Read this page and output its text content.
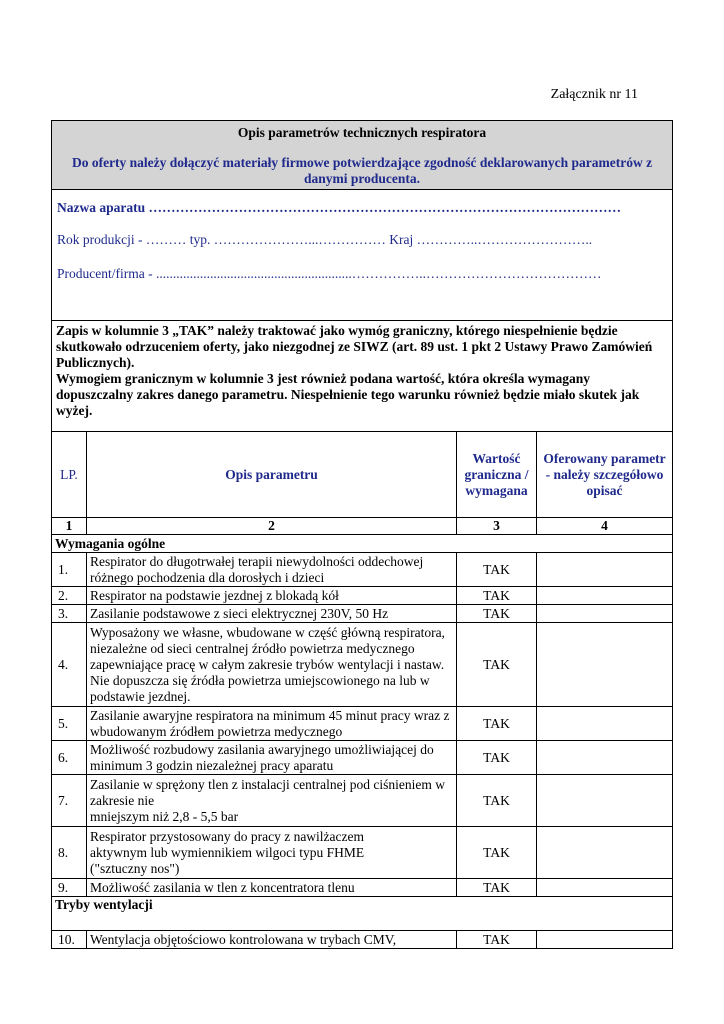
Załącznik nr 11
Opis parametrów technicznych respiratora
Do oferty należy dołączyć materiały firmowe potwierdzające zgodność deklarowanych parametrów z danymi producenta.			

Nazwa aparatu ……………………………………………………………………………………………
Rok produkcji - ……… typ. …………………...…………… Kraj …………..……………………..
Producent/firma - ..........................................................……………..…………………………………			

Zapis w kolumnie 3 „TAK” należy traktować jako wymóg graniczny, którego niespełnienie będzie skutkowało odrzuceniem oferty, jako niezgodnej ze SIWZ (art. 89 ust. 1 pkt 2 Ustawy Prawo Zamówień Publicznych).
Wymogiem granicznym w kolumnie 3 jest również podana wartość, która określa wymagany dopuszczalny zakres danego parametru. Niespełnienie tego warunku również będzie miało skutek jak wyżej.			
LP.	Opis parametru	Wartość graniczna / wymagana	Oferowany parametr - należy szczegółowo opisać
1	2	3	4
Wymagania ogólne			
1.	Respirator do długotrwałej terapii niewydolności oddechowej różnego pochodzenia dla dorosłych i dzieci	TAK	
2.	Respirator na podstawie jezdnej z blokadą kół	TAK	
3.	Zasilanie podstawowe z sieci elektrycznej 230V, 50 Hz	TAK	
4.	Wyposażony we własne, wbudowane w część główną respiratora, niezależne od sieci centralnej źródło powietrza medycznego zapewniające pracę w całym zakresie trybów wentylacji i nastaw. Nie dopuszcza się źródła powietrza umiejscowionego na lub w podstawie jezdnej.	TAK	
5.	Zasilanie awaryjne respiratora na minimum 45 minut pracy wraz z wbudowanym źródłem powietrza medycznego	TAK	
6.	Możliwość rozbudowy zasilania awaryjnego umożliwiającej do minimum 3 godzin niezależnej pracy aparatu	TAK	
7.	Zasilanie w sprężony tlen z instalacji centralnej pod ciśnieniem w zakresie nie
mniejszym niż 2,8 - 5,5 bar	TAK	
8.	Respirator przystosowany do pracy z nawilżaczem
aktywnym lub wymiennikiem wilgoci typu FHME
("sztuczny nos")	TAK	
9.	Możliwość zasilania w tlen z koncentratora tlenu	TAK	
Tryby wentylacji			
10.	Wentylacja objętościowo kontrolowana w trybach CMV,	TAK	
